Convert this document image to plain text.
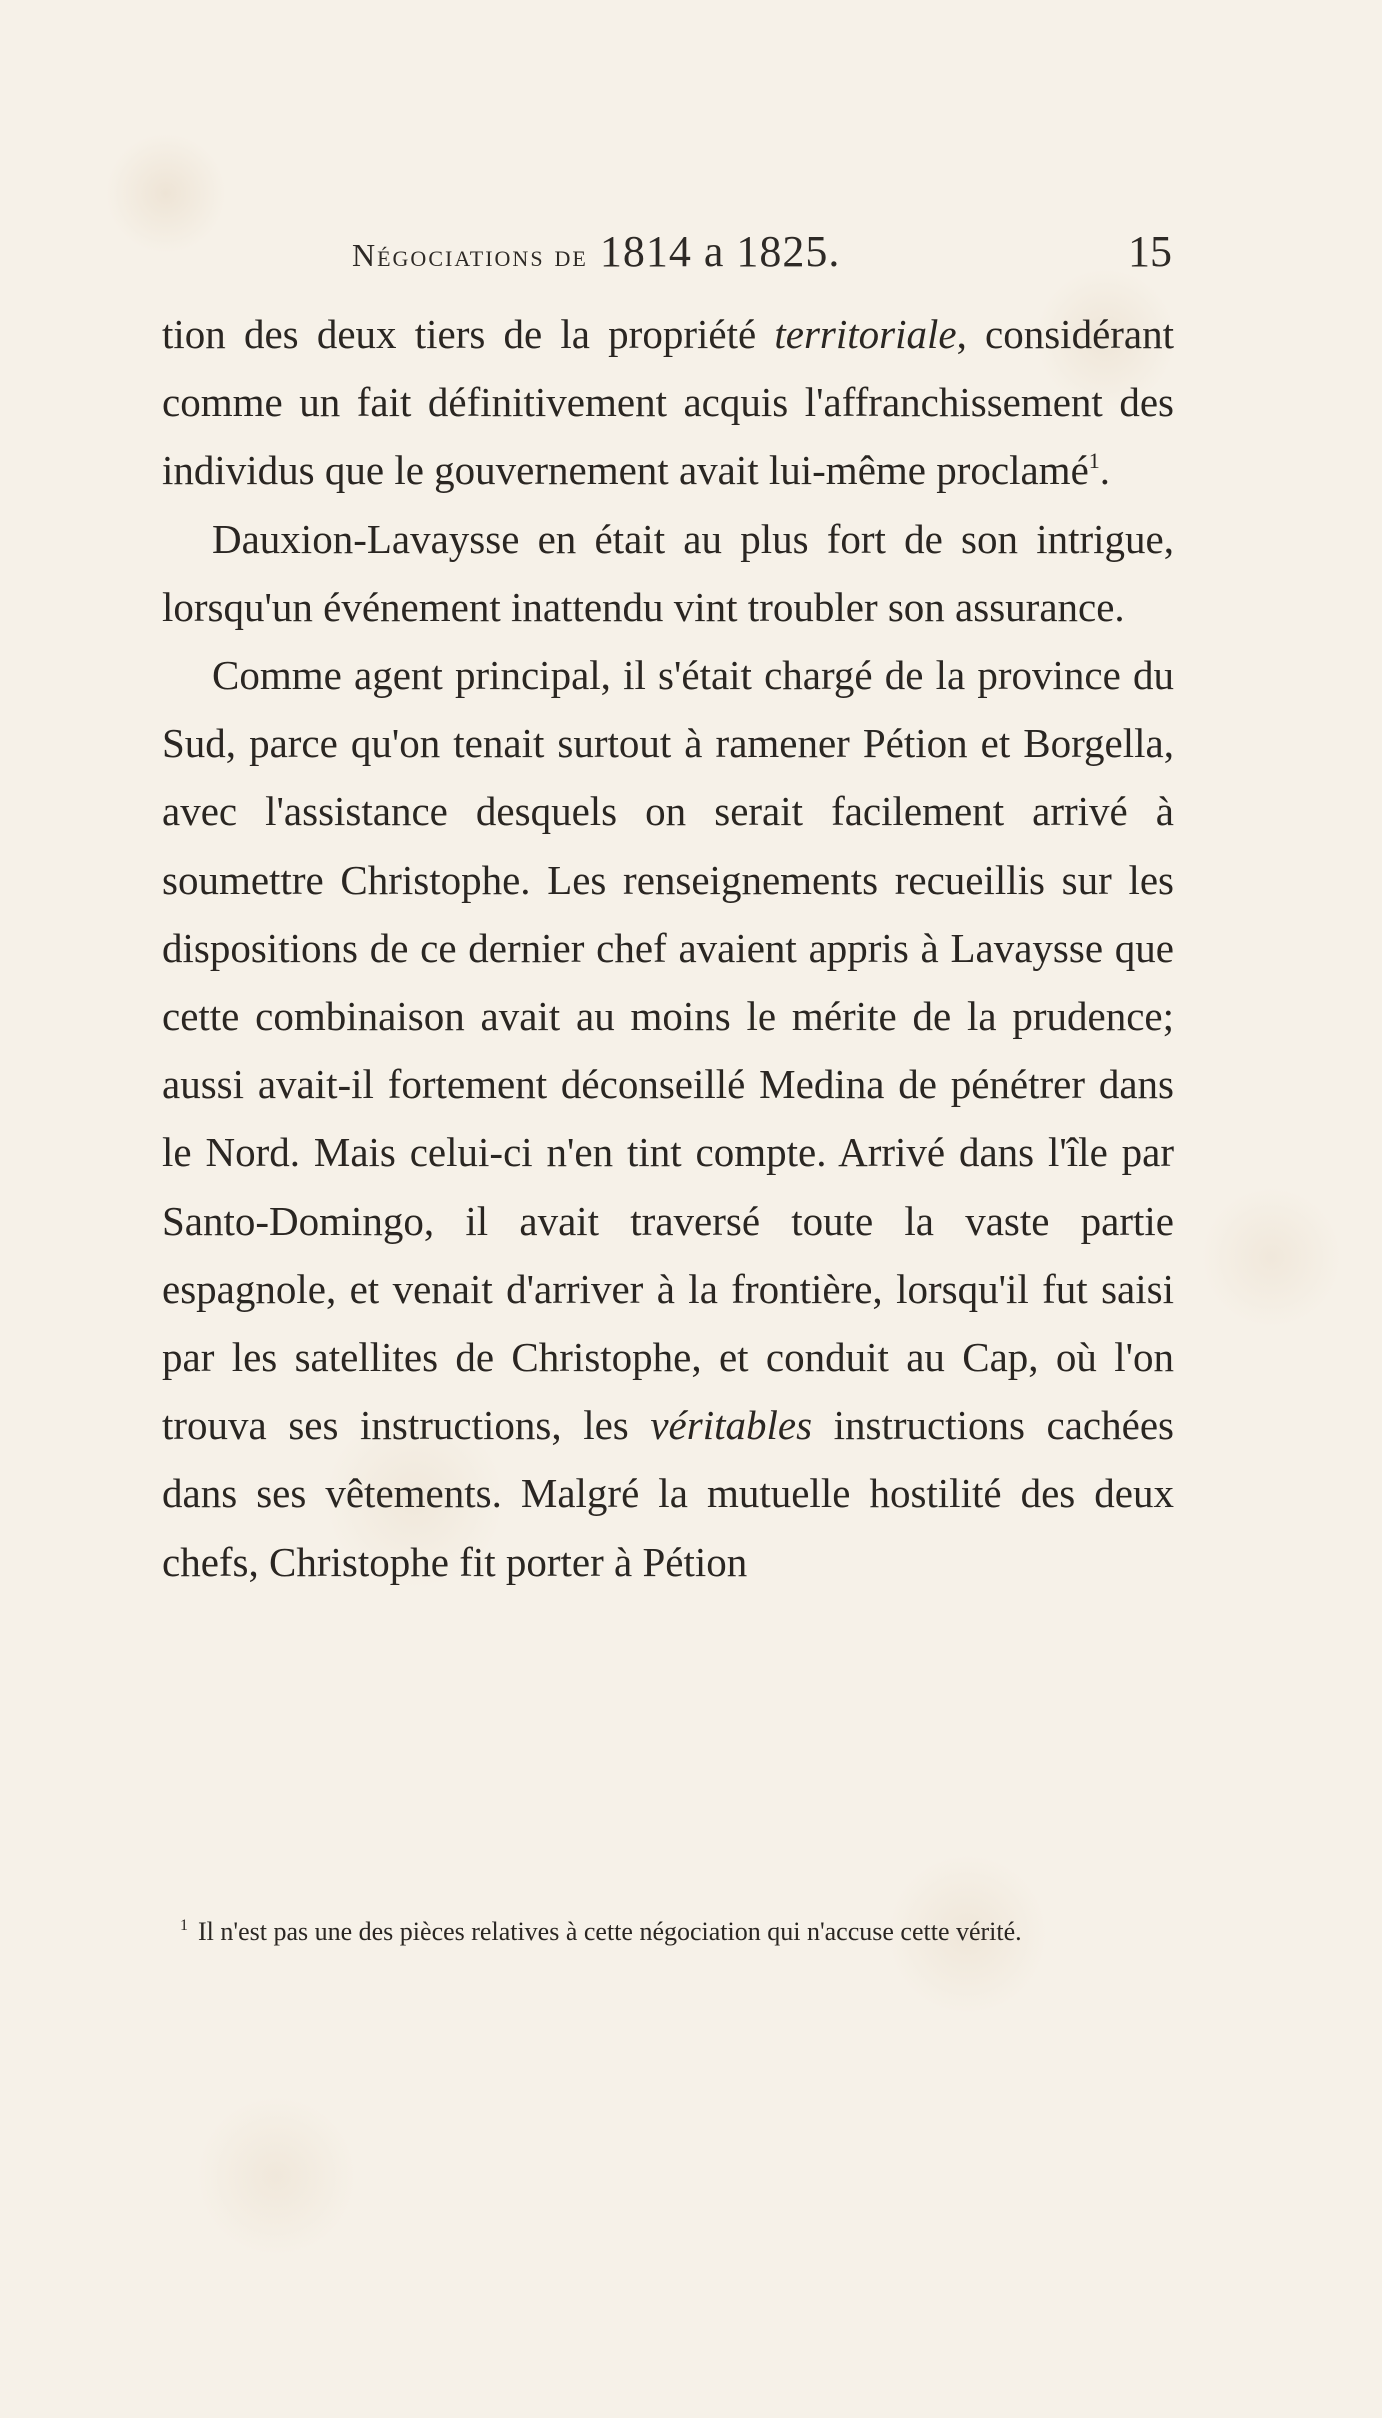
Négociations de 1814 a 1825.	15

tion des deux tiers de la propriété territoriale, considérant comme un fait définitivement acquis l'affranchissement des individus que le gouvernement avait lui-même proclamé$^1$.

Dauxion-Lavaysse en était au plus fort de son intrigue, lorsqu'un événement inattendu vint troubler son assurance.

Comme agent principal, il s'était chargé de la province du Sud, parce qu'on tenait surtout à ramener Pétion et Borgella, avec l'assistance desquels on serait facilement arrivé à soumettre Christophe. Les renseignements recueillis sur les dispositions de ce dernier chef avaient appris à Lavaysse que cette combinaison avait au moins le mérite de la prudence; aussi avait-il fortement déconseillé Medina de pénétrer dans le Nord. Mais celui-ci n'en tint compte. Arrivé dans l'île par Santo-Domingo, il avait traversé toute la vaste partie espagnole, et venait d'arriver à la frontière, lorsqu'il fut saisi par les satellites de Christophe, et conduit au Cap, où l'on trouva ses instructions, les véritables instructions cachées dans ses vêtements. Malgré la mutuelle hostilité des deux chefs, Christophe fit porter à Pétion

$^1$ Il n'est pas une des pièces relatives à cette négociation qui n'accuse cette vérité.
